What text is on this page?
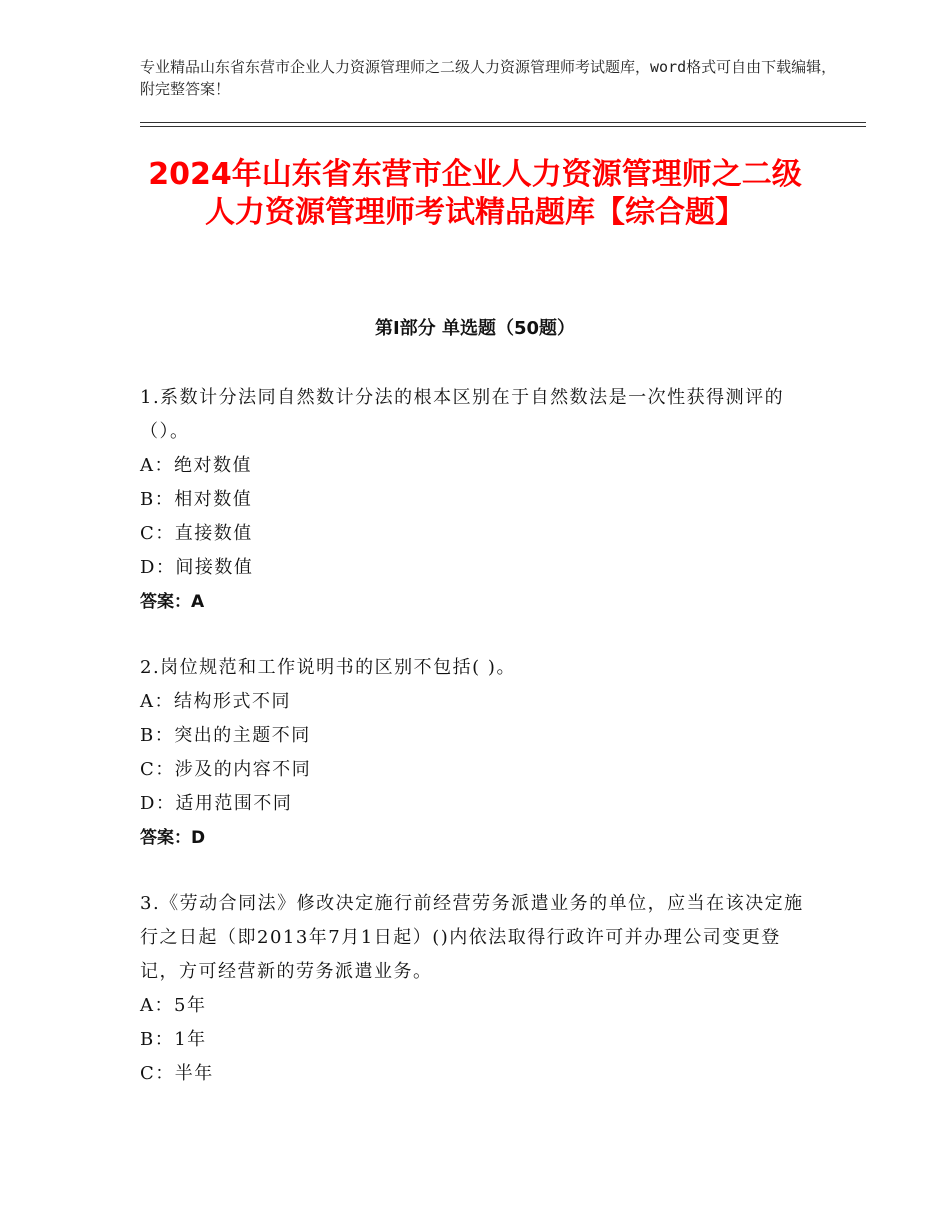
专业精品山东省东营市企业人力资源管理师之二级人力资源管理师考试题库，word格式可自由下载编辑，附完整答案！
2024年山东省东营市企业人力资源管理师之二级人力资源管理师考试精品题库【综合题】
第Ⅰ部分 单选题（50题）
1.系数计分法同自然数计分法的根本区别在于自然数法是一次性获得测评的（）。
A：绝对数值
B：相对数值
C：直接数值
D：间接数值
答案：A
2.岗位规范和工作说明书的区别不包括( )。
A：结构形式不同
B：突出的主题不同
C：涉及的内容不同
D：适用范围不同
答案：D
3.《劳动合同法》修改决定施行前经营劳务派遣业务的单位，应当在该决定施行之日起（即2013年7月1日起）()内依法取得行政许可并办理公司变更登记，方可经营新的劳务派遣业务。
A：5年
B：1年
C：半年
